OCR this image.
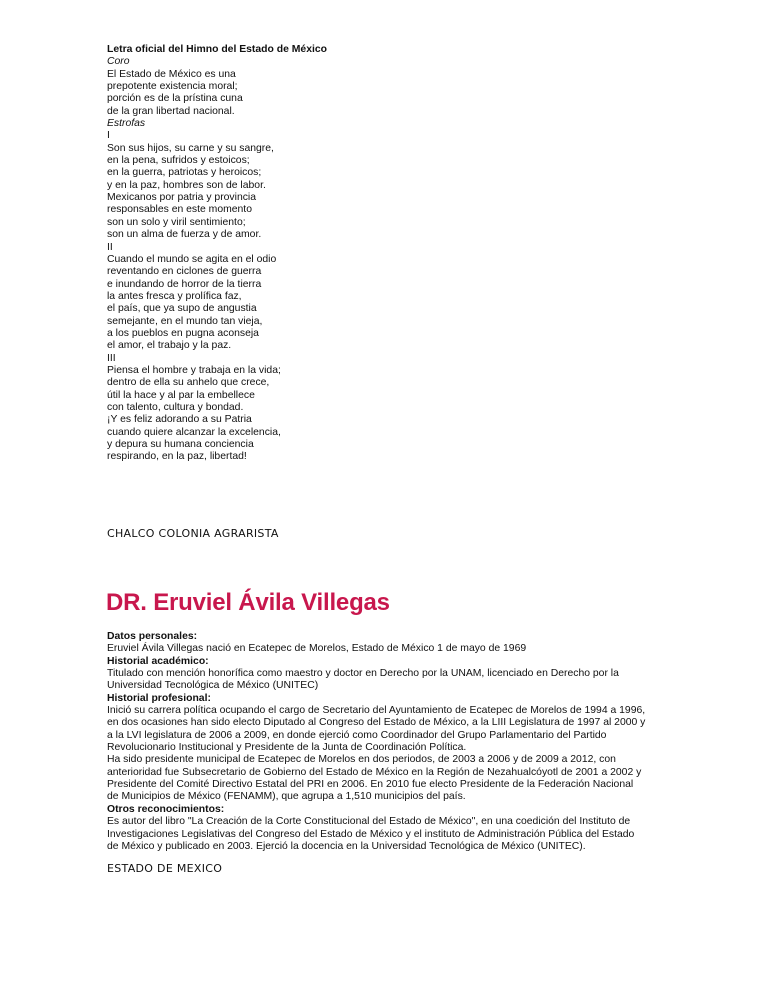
Letra oficial del Himno del Estado de México
Coro
El Estado de México es una
prepotente existencia moral;
porción es de la prístina cuna
de la gran libertad nacional.
Estrofas
I
Son sus hijos, su carne y su sangre,
en la pena, sufridos y estoicos;
en la guerra, patriotas y heroicos;
y en la paz, hombres son de labor.
Mexicanos por patria y provincia
responsables en este momento
son un solo y viril sentimiento;
son un alma de fuerza y de amor.
II
Cuando el mundo se agita en el odio
reventando en ciclones de guerra
e inundando de horror de la tierra
la antes fresca y prolífica faz,
el país, que ya supo de angustia
semejante, en el mundo tan vieja,
a los pueblos en pugna aconseja
el amor, el trabajo y la paz.
III
Piensa el hombre y trabaja en la vida;
dentro de ella su anhelo que crece,
útil la hace y al par la embellece
con talento, cultura y bondad.
¡Y es feliz adorando a su Patria
cuando quiere alcanzar la excelencia,
y depura su humana conciencia
respirando, en la paz, libertad!
CHALCO COLONIA AGRARISTA
DR. Eruviel Ávila Villegas
Datos personales:
Eruviel Ávila Villegas nació en Ecatepec de Morelos, Estado de México 1 de mayo de 1969
Historial académico:
Titulado con mención honorífica como maestro y doctor en Derecho por la UNAM, licenciado en Derecho por la
Universidad Tecnológica de México (UNITEC)
Historial profesional:
Inició su carrera política ocupando el cargo de Secretario del Ayuntamiento de Ecatepec de Morelos de 1994 a 1996,
en dos ocasiones han sido electo Diputado al Congreso del Estado de México, a la LIII Legislatura de 1997 al 2000 y
a la LVI legislatura de 2006 a 2009, en donde ejerció como Coordinador del Grupo Parlamentario del Partido
Revolucionario Institucional y Presidente de la Junta de Coordinación Política.
Ha sido presidente municipal de Ecatepec de Morelos en dos periodos, de 2003 a 2006 y de 2009 a 2012, con
anterioridad fue Subsecretario de Gobierno del Estado de México en la Región de Nezahualcóyotl de 2001 a 2002 y
Presidente del Comité Directivo Estatal del PRI en 2006. En 2010 fue electo Presidente de la Federación Nacional
de Municipios de México (FENAMM), que agrupa a 1,510 municipios del país.
Otros reconocimientos:
Es autor del libro "La Creación de la Corte Constitucional del Estado de México", en una coedición del Instituto de
Investigaciones Legislativas del Congreso del Estado de México y el instituto de Administración Pública del Estado
de México y publicado en 2003. Ejerció la docencia en la Universidad Tecnológica de México (UNITEC).
ESTADO DE MEXICO
